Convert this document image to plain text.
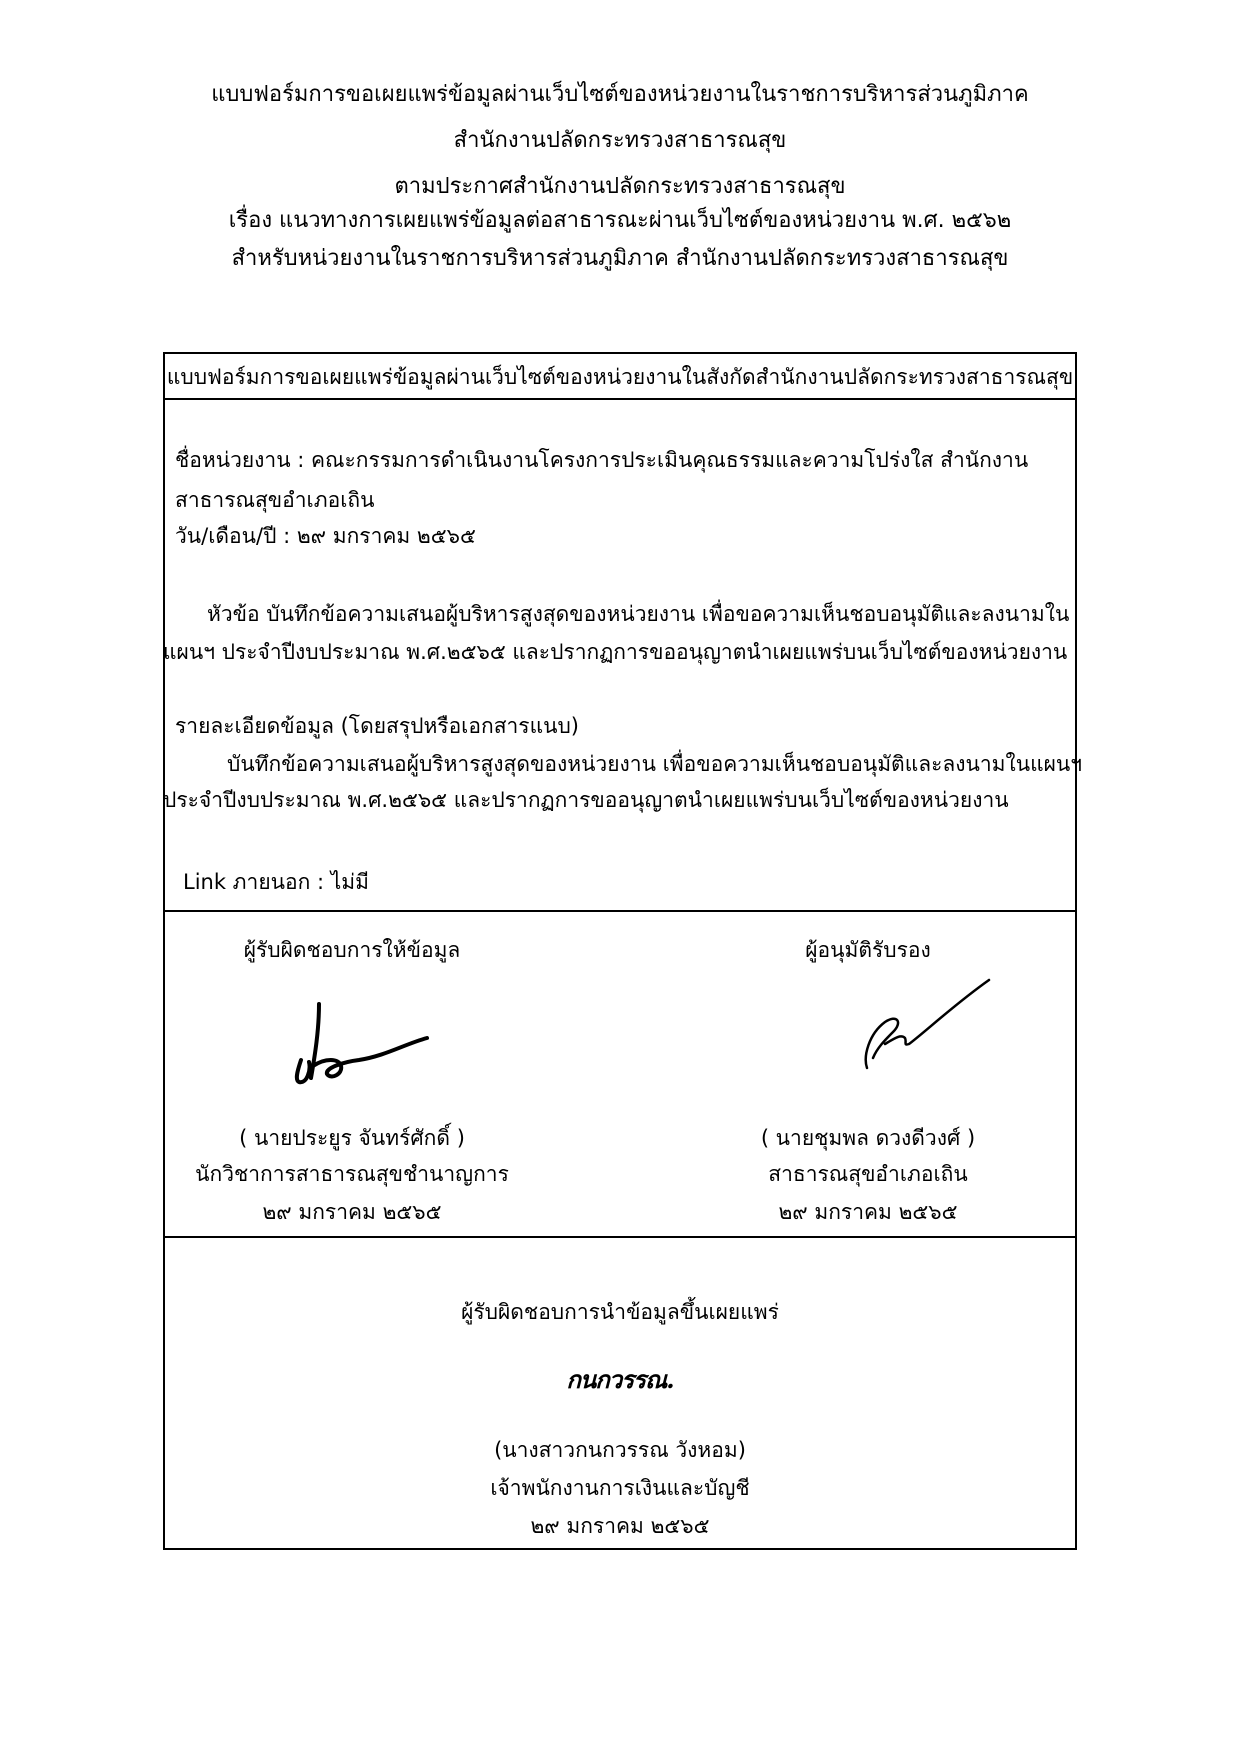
แบบฟอร์มการขอเผยแพร่ข้อมูลผ่านเว็บไซต์ของหน่วยงานในราชการบริหารส่วนภูมิภาค
สำนักงานปลัดกระทรวงสาธารณสุข
ตามประกาศสำนักงานปลัดกระทรวงสาธารณสุข
เรื่อง แนวทางการเผยแพร่ข้อมูลต่อสาธารณะผ่านเว็บไซต์ของหน่วยงาน พ.ศ. ๒๕๖๒
สำหรับหน่วยงานในราชการบริหารส่วนภูมิภาค สำนักงานปลัดกระทรวงสาธารณสุข
แบบฟอร์มการขอเผยแพร่ข้อมูลผ่านเว็บไซต์ของหน่วยงานในสังกัดสำนักงานปลัดกระทรวงสาธารณสุข
ชื่อหน่วยงาน : คณะกรรมการดำเนินงานโครงการประเมินคุณธรรมและความโปร่งใส สำนักงาน
สาธารณสุขอำเภอเถิน
วัน/เดือน/ปี : ๒๙ มกราคม ๒๕๖๕
หัวข้อ บันทึกข้อความเสนอผู้บริหารสูงสุดของหน่วยงาน เพื่อขอความเห็นชอบอนุมัติและลงนามใน
แผนฯ ประจำปีงบประมาณ พ.ศ.๒๕๖๕ และปรากฏการขออนุญาตนำเผยแพร่บนเว็บไซต์ของหน่วยงาน
รายละเอียดข้อมูล (โดยสรุปหรือเอกสารแนบ)
บันทึกข้อความเสนอผู้บริหารสูงสุดของหน่วยงาน เพื่อขอความเห็นชอบอนุมัติและลงนามในแผนฯ
ประจำปีงบประมาณ พ.ศ.๒๕๖๕ และปรากฏการขออนุญาตนำเผยแพร่บนเว็บไซต์ของหน่วยงาน
Link ภายนอก : ไม่มี
ผู้รับผิดชอบการให้ข้อมูล
( นายประยูร จันทร์ศักดิ์ )
นักวิชาการสาธารณสุขชำนาญการ
๒๙ มกราคม ๒๕๖๕
ผู้อนุมัติรับรอง
( นายชุมพล ดวงดีวงศ์ )
สาธารณสุขอำเภอเถิน
๒๙ มกราคม ๒๕๖๕
ผู้รับผิดชอบการนำข้อมูลขึ้นเผยแพร่
กนกวรรณ.
(นางสาวกนกวรรณ วังหอม)
เจ้าพนักงานการเงินและบัญชี
๒๙ มกราคม ๒๕๖๕
